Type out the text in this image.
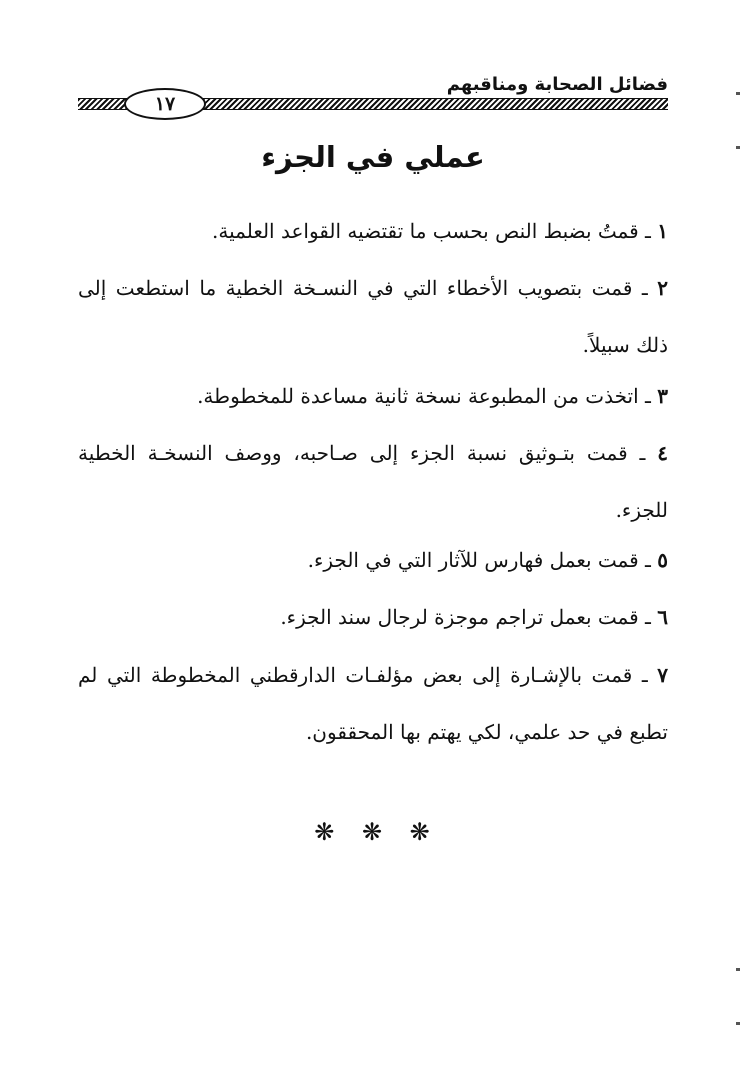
فضائل الصحابة ومناقبهم
١٧
عملي في الجزء
١ ـ قمتُ بضبط النص بحسب ما تقتضيه القواعد العلمية.
٢ ـ قمت بتصويب الأخطاء التي في النسـخة الخطية ما استطعت إلى
ذلك سبيلاً.
٣ ـ اتخذت من المطبوعة نسخة ثانية مساعدة للمخطوطة.
٤ ـ قمت بتـوثيق نسبة الجزء إلى صـاحبه، ووصف النسخـة الخطية
للجزء.
٥ ـ قمت بعمل فهارس للآثار التي في الجزء.
٦ ـ قمت بعمل تراجم موجزة لرجال سند الجزء.
٧ ـ قمت بالإشـارة إلى بعض مؤلفـات الدارقطني المخطوطة التي لم
تطبع في حد علمي، لكي يهتم بها المحققون.
❋ ❋ ❋
